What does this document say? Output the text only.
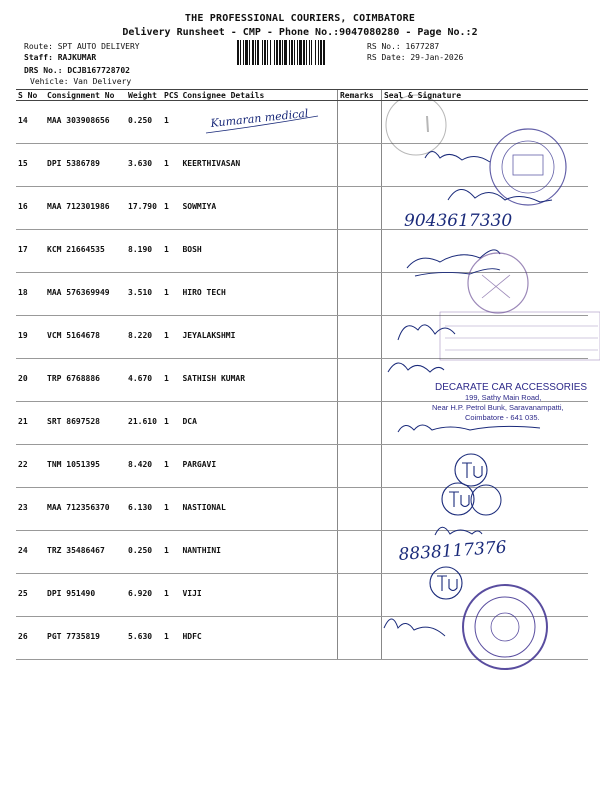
THE PROFESSIONAL COURIERS, COIMBATORE
Delivery Runsheet - CMP - Phone No.:9047080280 - Page No.:2
Route: SPT AUTO DELIVERY
Staff: RAJKUMAR
DRS No.: DCJB167728702
Vehicle: Van Delivery
RS No.: 1677287
RS Date: 29-Jan-2026
S No	Consignment No	Weight	PCS	Consignee Details	Remarks	Seal & Signature
14	MAA 303908656	0.250	1			
15	DPI 5386789	3.630	1	KEERTHIVASAN		
16	MAA 712301986	17.790	1	SOWMIYA		
17	KCM 21664535	8.190	1	BOSH		
18	MAA 576369949	3.510	1	HIRO TECH		
19	VCM 5164678	8.220	1	JEYALAKSHMI		
20	TRP 6768886	4.670	1	SATHISH KUMAR		
21	SRT 8697528	21.610	1	DCA		
22	TNM 1051395	8.420	1	PARGAVI		
23	MAA 712356370	6.130	1	NASTIONAL		
24	TRZ 35486467	0.250	1	NANTHINI		
25	DPI 951490	6.920	1	VIJI		
26	PGT 7735819	5.630	1	HDFC		
Kumaran medical
9043617330
DECARATE CAR ACCESSORIES
199, Sathy Main Road,
Near H.P. Petrol Bunk, Saravanampatti,
Coimbatore - 641 035.
8838117376
